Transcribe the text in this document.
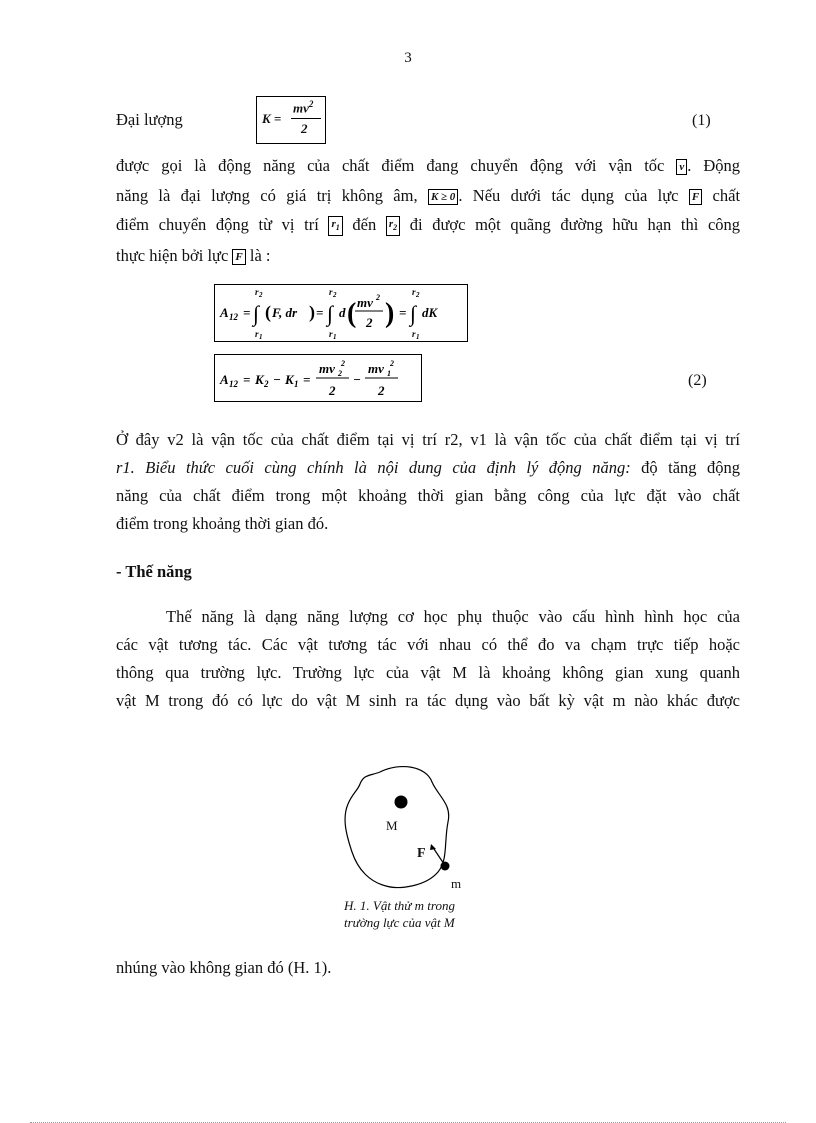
3
Đại lượng	K =
$mv^2$
2	(1)
được gọi là động năng của chất điểm đang chuyển động với vận tốc v . Động
năng là đại lượng có giá trị không âm, K ≥ 0 . Nếu dưới tác dụng của lực F chất
điểm chuyển động từ vị trí $r_1$ đến $r_2$ đi được một quãng đường hữu hạn thì công
thực hiện bởi lực F là :
A 12 =
r 2
∫
r 1
( F, dr ) =
r 2
∫
r 1
d ( mv 2
2 ) =
r 2
∫
r 1
dK
A 12 = K 2 − K 1 =
mv 2
2
2
−
mv 1
2
2
(2)
Ở đây v2 là vận tốc của chất điểm tại vị trí r2, v1 là vận tốc của chất điểm tại vị trí
r1. Biểu thức cuối cùng chính là nội dung của định lý động năng: độ tăng động
năng của chất điểm trong một khoảng thời gian bằng công của lực đặt vào chất
điểm trong khoảng thời gian đó.
- Thế năng
Thế năng là dạng năng lượng cơ học phụ thuộc vào cấu hình hình học của
các vật tương tác. Các vật tương tác với nhau có thể đo va chạm trực tiếp hoặc
thông qua trường lực. Trường lực của vật M là khoảng không gian xung quanh
vật M trong đó có lực do vật M sinh ra tác dụng vào bất kỳ vật m nào khác được
M
F
m
H. 1. Vật thử m trong
trường lực của vật M
nhúng vào không gian đó (H. 1).
